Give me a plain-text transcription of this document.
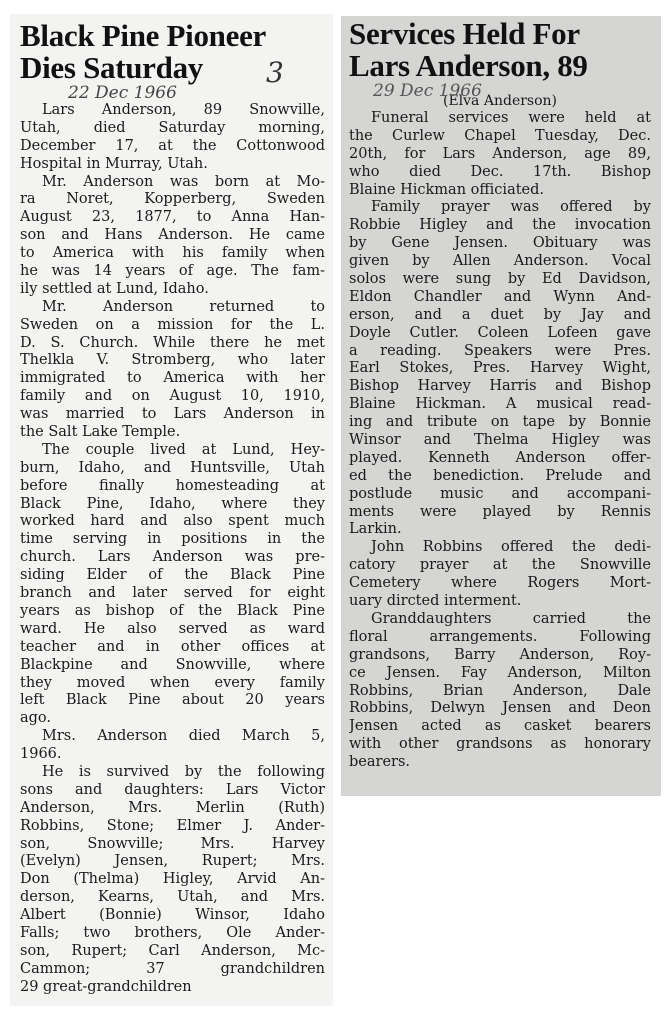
Black Pine Pioneer
Dies Saturday	3
22 Dec 1966
Lars Anderson, 89 Snowville,
Utah, died Saturday morning,
December 17, at the Cottonwood
Hospital in Murray, Utah.
Mr. Anderson was born at Mo-
ra Noret, Kopperberg, Sweden
August 23, 1877, to Anna Han-
son and Hans Anderson. He came
to America with his family when
he was 14 years of age. The fam-
ily settled at Lund, Idaho.
Mr. Anderson returned to
Sweden on a mission for the L.
D. S. Church. While there he met
Thelkla V. Stromberg, who later
immigrated to America with her
family and on August 10, 1910,
was married to Lars Anderson in
the Salt Lake Temple.
The couple lived at Lund, Hey-
burn, Idaho, and Huntsville, Utah
before finally homesteading at
Black Pine, Idaho, where they
worked hard and also spent much
time serving in positions in the
church. Lars Anderson was pre-
siding Elder of the Black Pine
branch and later served for eight
years as bishop of the Black Pine
ward. He also served as ward
teacher and in other offices at
Blackpine and Snowville, where
they moved when every family
left Black Pine about 20 years
ago.
Mrs. Anderson died March 5,
1966.
He is survived by the following
sons and daughters: Lars Victor
Anderson, Mrs. Merlin (Ruth)
Robbins, Stone; Elmer J. Ander-
son, Snowville; Mrs. Harvey
(Evelyn) Jensen, Rupert; Mrs.
Don (Thelma) Higley, Arvid An-
derson, Kearns, Utah, and Mrs.
Albert (Bonnie) Winsor, Idaho
Falls; two brothers, Ole Ander-
son, Rupert; Carl Anderson, Mc-
Cammon; 37 grandchildren
29 great-grandchildren
Services Held For
Lars Anderson, 89
29 Dec 1966
(Elva Anderson)
Funeral services were held at
the Curlew Chapel Tuesday, Dec.
20th, for Lars Anderson, age 89,
who died Dec. 17th. Bishop
Blaine Hickman officiated.
Family prayer was offered by
Robbie Higley and the invocation
by Gene Jensen. Obituary was
given by Allen Anderson. Vocal
solos were sung by Ed Davidson,
Eldon Chandler and Wynn And-
erson, and a duet by Jay and
Doyle Cutler. Coleen Lofeen gave
a reading. Speakers were Pres.
Earl Stokes, Pres. Harvey Wight,
Bishop Harvey Harris and Bishop
Blaine Hickman. A musical read-
ing and tribute on tape by Bonnie
Winsor and Thelma Higley was
played. Kenneth Anderson offer-
ed the benediction. Prelude and
postlude music and accompani-
ments were played by Rennis
Larkin.
John Robbins offered the dedi-
catory prayer at the Snowville
Cemetery where Rogers Mort-
uary dircted interment.
Granddaughters carried the
floral arrangements. Following
grandsons, Barry Anderson, Roy-
ce Jensen. Fay Anderson, Milton
Robbins, Brian Anderson, Dale
Robbins, Delwyn Jensen and Deon
Jensen acted as casket bearers
with other grandsons as honorary
bearers.
